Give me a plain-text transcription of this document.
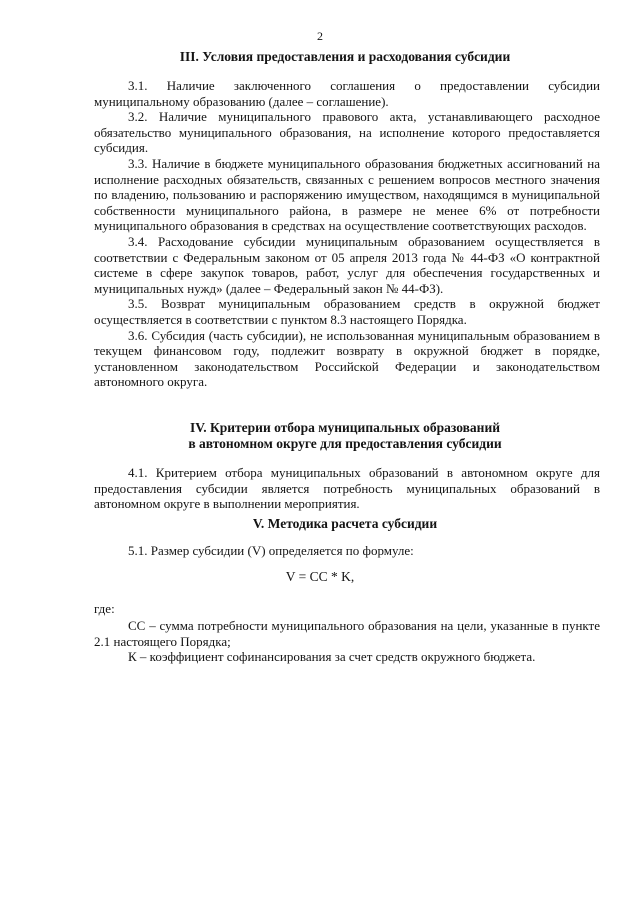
2
III. Условия предоставления и расходования субсидии

3.1. Наличие заключенного соглашения о предоставлении субсидии муниципальному образованию (далее – соглашение).

3.2. Наличие муниципального правового акта, устанавливающего расходное обязательство муниципального образования, на исполнение которого предоставляется субсидия.

3.3. Наличие в бюджете муниципального образования бюджетных ассигнований на исполнение расходных обязательств, связанных с решением вопросов местного значения по владению, пользованию и распоряжению имуществом, находящимся в муниципальной собственности муниципального района, в размере не менее 6% от потребности муниципального образования в средствах на осуществление соответствующих расходов.

3.4. Расходование субсидии муниципальным образованием осуществляется в соответствии с Федеральным законом от 05 апреля 2013 года № 44-ФЗ «О контрактной системе в сфере закупок товаров, работ, услуг для обеспечения государственных и муниципальных нужд» (далее – Федеральный закон № 44-ФЗ).

3.5. Возврат муниципальным образованием средств в окружной бюджет осуществляется в соответствии с пунктом 8.3 настоящего Порядка.

3.6. Субсидия (часть субсидии), не использованная муниципальным образованием в текущем финансовом году, подлежит возврату в окружной бюджет в порядке, установленном законодательством Российской Федерации и законодательством автономного округа.

IV. Критерии отбора муниципальных образований
в автономном округе для предоставления субсидии

4.1. Критерием отбора муниципальных образований в автономном округе для предоставления субсидии является потребность муниципальных образований в автономном округе в выполнении мероприятия.

V. Методика расчета субсидии

5.1. Размер субсидии (V) определяется по формуле:

V = CC * K,
где:

CC – сумма потребности муниципального образования на цели, указанные в пункте 2.1 настоящего Порядка;

К – коэффициент софинансирования за счет средств окружного бюджета.
